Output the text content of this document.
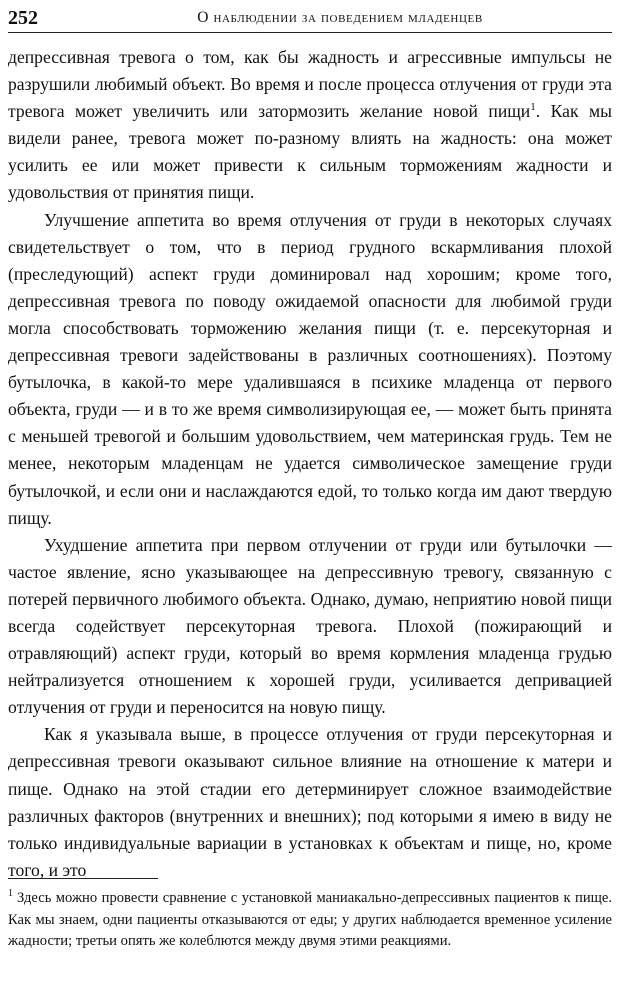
252	О наблюдении за поведением младенцев

депрессивная тревога о том, как бы жадность и агрессивные импульсы не разрушили любимый объект. Во время и после процесса отлучения от груди эта тревога может увеличить или затормозить желание новой пищи$^1$. Как мы видели ранее, тревога может по-разному влиять на жадность: она может усилить ее или может привести к сильным торможениям жадности и удовольствия от принятия пищи.

Улучшение аппетита во время отлучения от груди в некоторых случаях свидетельствует о том, что в период грудного вскармливания плохой (преследующий) аспект груди доминировал над хорошим; кроме того, депрессивная тревога по поводу ожидаемой опасности для любимой груди могла способствовать торможению желания пищи (т. е. персекуторная и депрессивная тревоги задействованы в различных соотношениях). Поэтому бутылочка, в какой-то мере удалившаяся в психике младенца от первого объекта, груди — и в то же время символизирующая ее, — может быть принята с меньшей тревогой и большим удовольствием, чем материнская грудь. Тем не менее, некоторым младенцам не удается символическое замещение груди бутылочкой, и если они и наслаждаются едой, то только когда им дают твердую пищу.

Ухудшение аппетита при первом отлучении от груди или бутылочки — частое явление, ясно указывающее на депрессивную тревогу, связанную с потерей первичного любимого объекта. Однако, думаю, неприятию новой пищи всегда содействует персекуторная тревога. Плохой (пожирающий и отравляющий) аспект груди, который во время кормления младенца грудью нейтрализуется отношением к хорошей груди, усиливается депривацией отлучения от груди и переносится на новую пищу.

Как я указывала выше, в процессе отлучения от груди персекуторная и депрессивная тревоги оказывают сильное влияние на отношение к матери и пище. Однако на этой стадии его детерминирует сложное взаимодействие различных факторов (внутренних и внешних); под которыми я имею в виду не только индивидуальные вариации в установках к объектам и пище, но, кроме того, и это

$^1$ Здесь можно провести сравнение с установкой маниакально-депрессивных пациентов к пище. Как мы знаем, одни пациенты отказываются от еды; у других наблюдается временное усиление жадности; третьи опять же колеблются между двумя этими реакциями.
